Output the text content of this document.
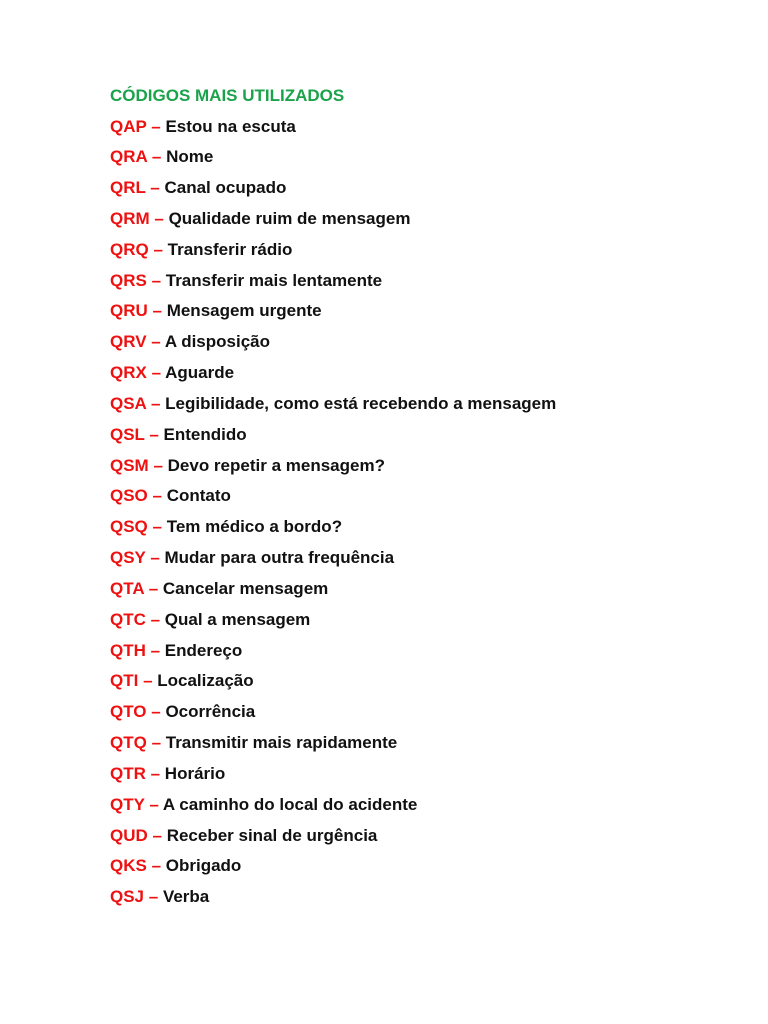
CÓDIGOS MAIS UTILIZADOS
QAP – Estou na escuta
QRA – Nome
QRL – Canal ocupado
QRM – Qualidade ruim de mensagem
QRQ – Transferir rádio
QRS – Transferir mais lentamente
QRU – Mensagem urgente
QRV – A disposição
QRX – Aguarde
QSA – Legibilidade, como está recebendo a mensagem
QSL – Entendido
QSM – Devo repetir a mensagem?
QSO – Contato
QSQ – Tem médico a bordo?
QSY – Mudar para outra frequência
QTA – Cancelar mensagem
QTC – Qual a mensagem
QTH – Endereço
QTI – Localização
QTO – Ocorrência
QTQ – Transmitir mais rapidamente
QTR – Horário
QTY – A caminho do local do acidente
QUD – Receber sinal de urgência
QKS – Obrigado
QSJ – Verba
